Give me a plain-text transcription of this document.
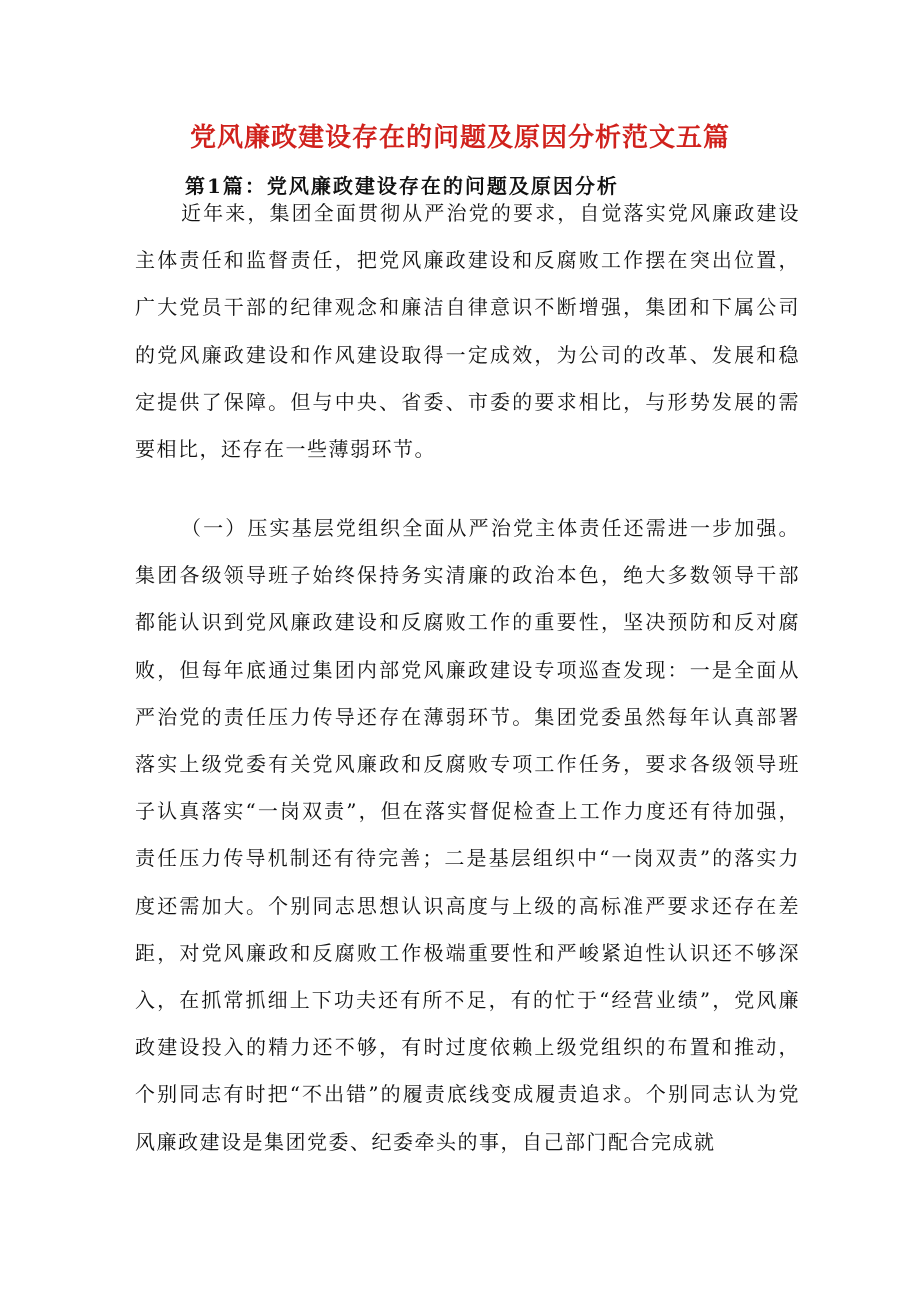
党风廉政建设存在的问题及原因分析范文五篇
第1篇：党风廉政建设存在的问题及原因分析

近年来，集团全面贯彻从严治党的要求，自觉落实党风廉政建设主体责任和监督责任，把党风廉政建设和反腐败工作摆在突出位置，广大党员干部的纪律观念和廉洁自律意识不断增强，集团和下属公司的党风廉政建设和作风建设取得一定成效，为公司的改革、发展和稳定提供了保障。但与中央、省委、市委的要求相比，与形势发展的需要相比，还存在一些薄弱环节。

（一）压实基层党组织全面从严治党主体责任还需进一步加强。集团各级领导班子始终保持务实清廉的政治本色，绝大多数领导干部都能认识到党风廉政建设和反腐败工作的重要性，坚决预防和反对腐败，但每年底通过集团内部党风廉政建设专项巡查发现：一是全面从严治党的责任压力传导还存在薄弱环节。集团党委虽然每年认真部署落实上级党委有关党风廉政和反腐败专项工作任务，要求各级领导班子认真落实“一岗双责”，但在落实督促检查上工作力度还有待加强，责任压力传导机制还有待完善；二是基层组织中“一岗双责”的落实力度还需加大。个别同志思想认识高度与上级的高标准严要求还存在差距，对党风廉政和反腐败工作极端重要性和严峻紧迫性认识还不够深入，在抓常抓细上下功夫还有所不足，有的忙于“经营业绩”，党风廉政建设投入的精力还不够，有时过度依赖上级党组织的布置和推动，个别同志有时把“不出错”的履责底线变成履责追求。个别同志认为党风廉政建设是集团党委、纪委牵头的事，自己部门配合完成就
